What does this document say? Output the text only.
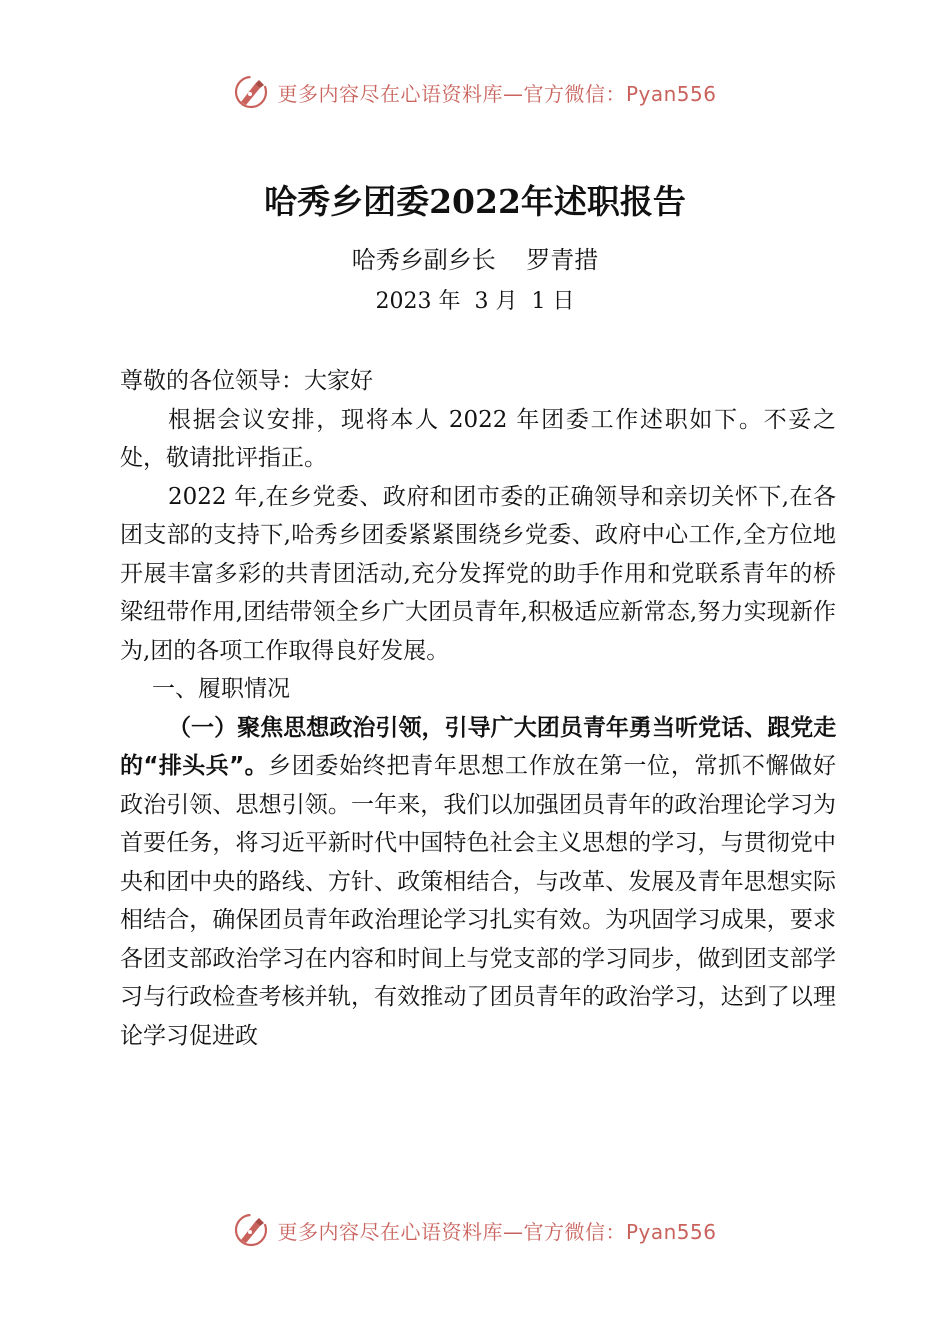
更多内容尽在心语资料库—官方微信：Pyan556
哈秀乡团委2022年述职报告
哈秀乡副乡长    罗青措
2023 年  3 月  1 日

尊敬的各位领导：大家好

根据会议安排，现将本人 2022 年团委工作述职如下。不妥之处，敬请批评指正。

2022 年,在乡党委、政府和团市委的正确领导和亲切关怀下,在各团支部的支持下,哈秀乡团委紧紧围绕乡党委、政府中心工作,全方位地开展丰富多彩的共青团活动,充分发挥党的助手作用和党联系青年的桥梁纽带作用,团结带领全乡广大团员青年,积极适应新常态,努力实现新作为,团的各项工作取得良好发展。

一、履职情况

（一）聚焦思想政治引领，引导广大团员青年勇当听党话、跟党走的“排头兵”。乡团委始终把青年思想工作放在第一位，常抓不懈做好政治引领、思想引领。一年来，我们以加强团员青年的政治理论学习为首要任务，将习近平新时代中国特色社会主义思想的学习，与贯彻党中央和团中央的路线、方针、政策相结合，与改革、发展及青年思想实际相结合，确保团员青年政治理论学习扎实有效。为巩固学习成果，要求各团支部政治学习在内容和时间上与党支部的学习同步，做到团支部学习与行政检查考核并轨，有效推动了团员青年的政治学习，达到了以理论学习促进政

更多内容尽在心语资料库—官方微信：Pyan556
